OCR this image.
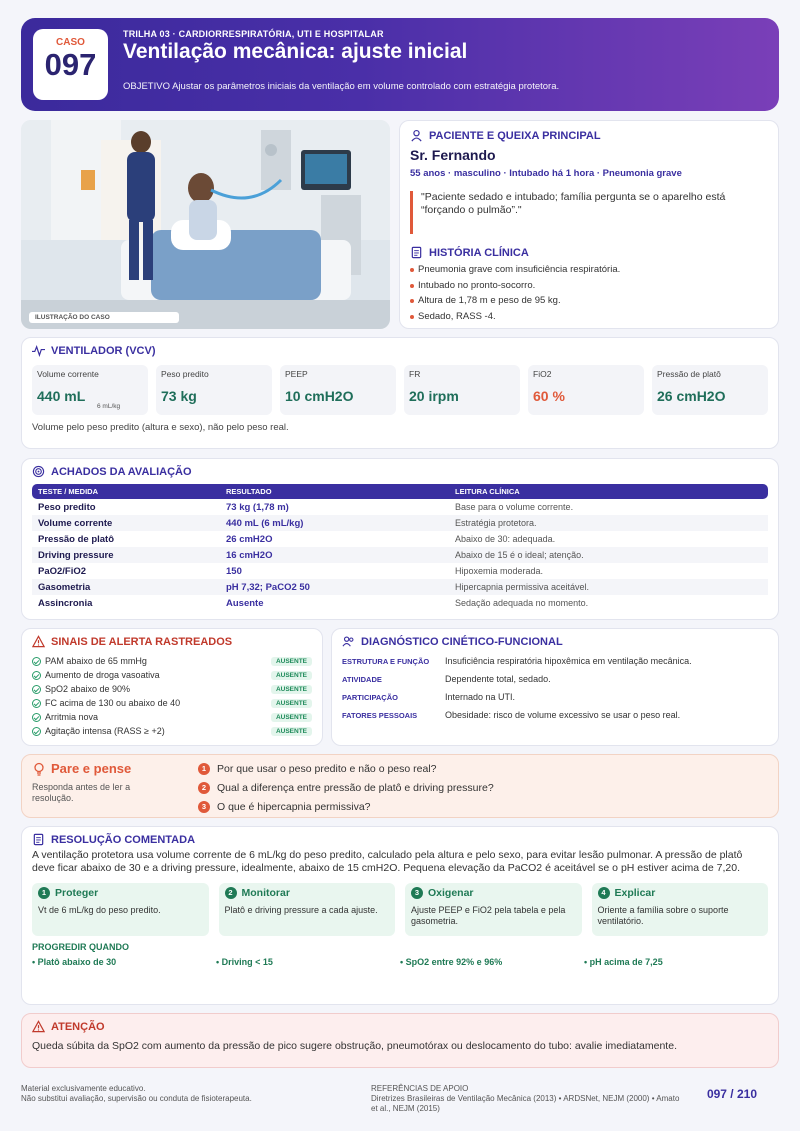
CASO
097
TRILHA 03 · CARDIORRESPIRATÓRIA, UTI E HOSPITALAR
Ventilação mecânica: ajuste inicial
OBJETIVO Ajustar os parâmetros iniciais da ventilação em volume controlado com estratégia protetora.
ILUSTRAÇÃO DO CASO
PACIENTE E QUEIXA PRINCIPAL
Sr. Fernando
55 anos · masculino · Intubado há 1 hora · Pneumonia grave
"Paciente sedado e intubado; família pergunta se o aparelho está “forçando o pulmão”."
HISTÓRIA CLÍNICA
Pneumonia grave com insuficiência respiratória.
Intubado no pronto-socorro.
Altura de 1,78 m e peso de 95 kg.
Sedado, RASS -4.
VENTILADOR (VCV)
Volume corrente
440 mL
6 mL/kg
Peso predito
73 kg
PEEP
10 cmH2O
FR
20 irpm
FiO2
60 %
Pressão de platô
26 cmH2O
Volume pelo peso predito (altura e sexo), não pelo peso real.
ACHADOS DA AVALIAÇÃO
TESTE / MEDIDA	RESULTADO	LEITURA CLÍNICA
Peso predito	73 kg (1,78 m)	Base para o volume corrente.
Volume corrente	440 mL (6 mL/kg)	Estratégia protetora.
Pressão de platô	26 cmH2O	Abaixo de 30: adequada.
Driving pressure	16 cmH2O	Abaixo de 15 é o ideal; atenção.
PaO2/FiO2	150	Hipoxemia moderada.
Gasometria	pH 7,32; PaCO2 50	Hipercapnia permissiva aceitável.
Assincronia	Ausente	Sedação adequada no momento.
SINAIS DE ALERTA RASTREADOS
PAM abaixo de 65 mmHg	AUSENTE
Aumento de droga vasoativa	AUSENTE
SpO2 abaixo de 90%	AUSENTE
FC acima de 130 ou abaixo de 40	AUSENTE
Arritmia nova	AUSENTE
Agitação intensa (RASS ≥ +2)	AUSENTE
DIAGNÓSTICO CINÉTICO-FUNCIONAL
ESTRUTURA E FUNÇÃO	Insuficiência respiratória hipoxêmica em ventilação mecânica.
ATIVIDADE	Dependente total, sedado.
PARTICIPAÇÃO	Internado na UTI.
FATORES PESSOAIS	Obesidade: risco de volume excessivo se usar o peso real.
Pare e pense
Responda antes de ler a resolução.
1	Por que usar o peso predito e não o peso real?
2	Qual a diferença entre pressão de platô e driving pressure?
3	O que é hipercapnia permissiva?
RESOLUÇÃO COMENTADA
A ventilação protetora usa volume corrente de 6 mL/kg do peso predito, calculado pela altura e pelo sexo, para evitar lesão pulmonar. A pressão de platô deve ficar abaixo de 30 e a driving pressure, idealmente, abaixo de 15 cmH2O. Pequena elevação da PaCO2 é aceitável se o pH estiver acima de 7,20.
1 Proteger
Vt de 6 mL/kg do peso predito.
2 Monitorar
Platô e driving pressure a cada ajuste.
3 Oxigenar
Ajuste PEEP e FiO2 pela tabela e pela gasometria.
4 Explicar
Oriente a família sobre o suporte ventilatório.
PROGREDIR QUANDO
• Platô abaixo de 30	• Driving < 15	• SpO2 entre 92% e 96%	• pH acima de 7,25
ATENÇÃO
Queda súbita da SpO2 com aumento da pressão de pico sugere obstrução, pneumotórax ou deslocamento do tubo: avalie imediatamente.
Material exclusivamente educativo.
Não substitui avaliação, supervisão ou conduta de fisioterapeuta.
REFERÊNCIAS DE APOIO
Diretrizes Brasileiras de Ventilação Mecânica (2013) • ARDSNet, NEJM (2000) • Amato et al., NEJM (2015)
097 / 210
